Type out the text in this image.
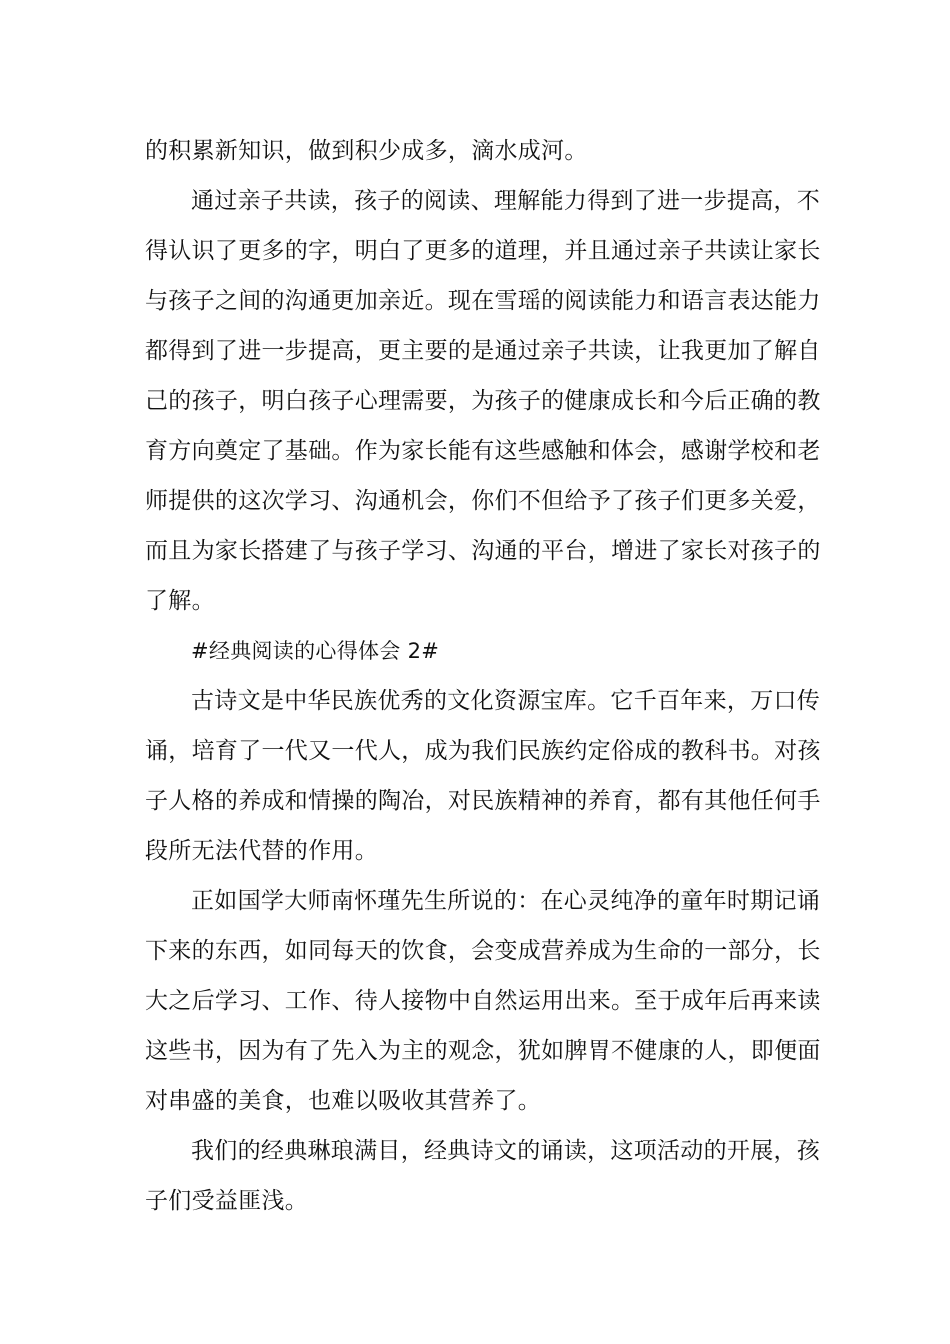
的积累新知识，做到积少成多，滴水成河。
通过亲子共读，孩子的阅读、理解能力得到了进一步提高，不
得认识了更多的字，明白了更多的道理，并且通过亲子共读让家长
与孩子之间的沟通更加亲近。现在雪瑶的阅读能力和语言表达能力
都得到了进一步提高，更主要的是通过亲子共读，让我更加了解自
己的孩子，明白孩子心理需要，为孩子的健康成长和今后正确的教
育方向奠定了基础。作为家长能有这些感触和体会，感谢学校和老
师提供的这次学习、沟通机会，你们不但给予了孩子们更多关爱，
而且为家长搭建了与孩子学习、沟通的平台，增进了家长对孩子的
了解。
#经典阅读的心得体会 2#
古诗文是中华民族优秀的文化资源宝库。它千百年来，万口传
诵，培育了一代又一代人，成为我们民族约定俗成的教科书。对孩
子人格的养成和情操的陶冶，对民族精神的养育，都有其他任何手
段所无法代替的作用。
正如国学大师南怀瑾先生所说的：在心灵纯净的童年时期记诵
下来的东西，如同每天的饮食，会变成营养成为生命的一部分，长
大之后学习、工作、待人接物中自然运用出来。至于成年后再来读
这些书，因为有了先入为主的观念，犹如脾胃不健康的人，即便面
对串盛的美食，也难以吸收其营养了。
我们的经典琳琅满目，经典诗文的诵读，这项活动的开展，孩
子们受益匪浅。
